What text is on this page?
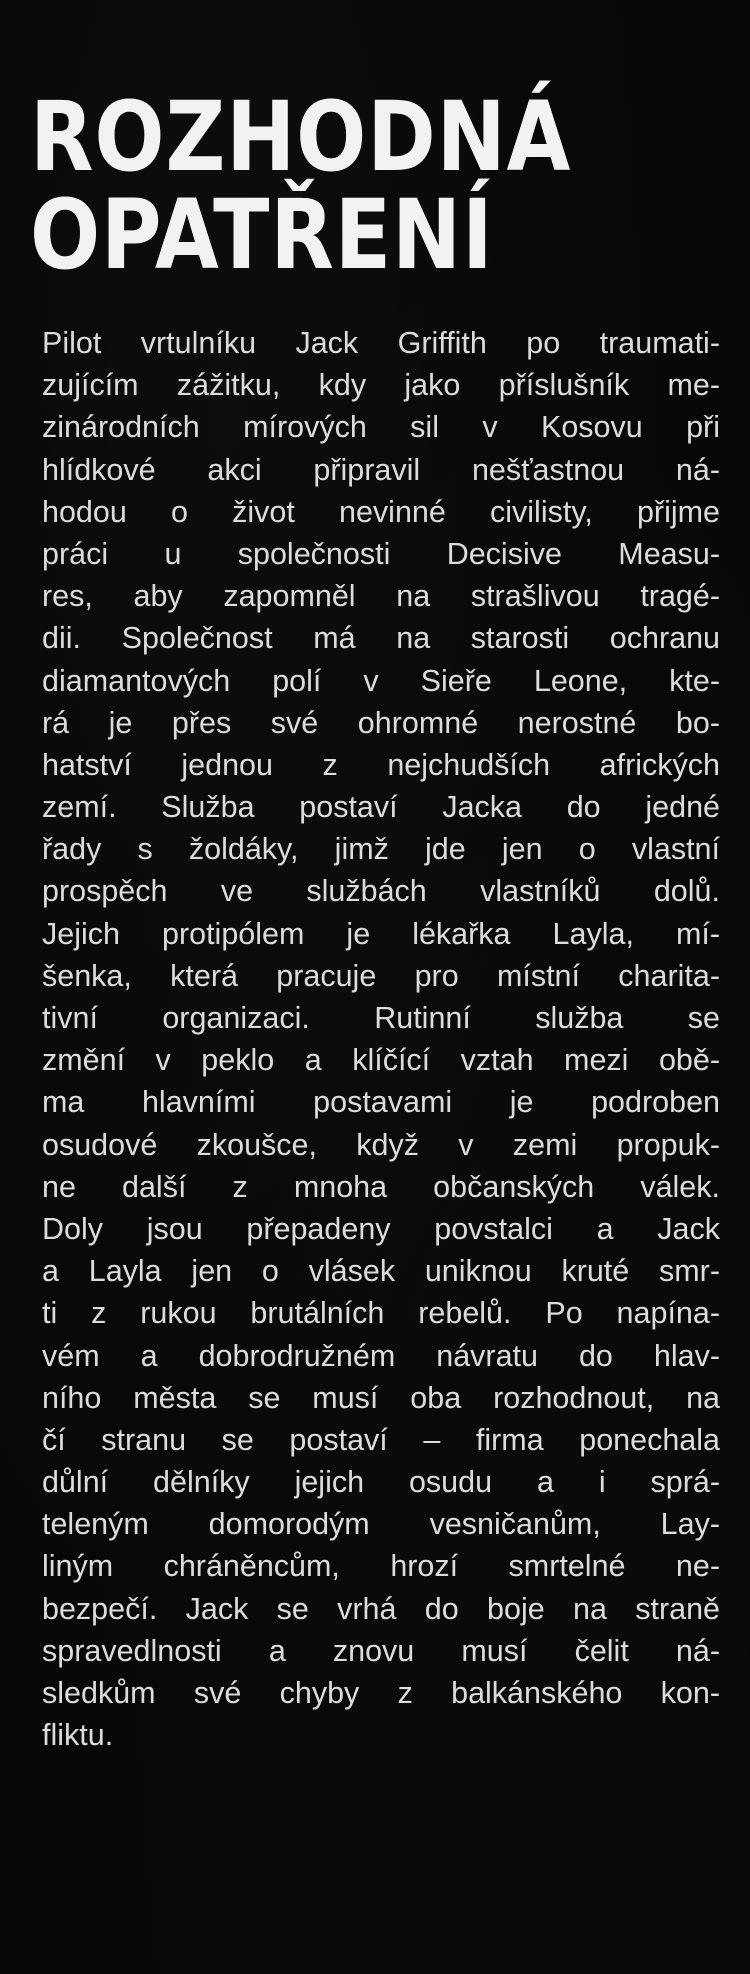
ROZHODNÁ
OPATŘENÍ
Pilot vrtulníku Jack Griffith po traumati-
zujícím zážitku, kdy jako příslušník me-
zinárodních mírových sil v Kosovu při
hlídkové akci připravil nešťastnou ná-
hodou o život nevinné civilisty, přijme
práci u společnosti Decisive Measu-
res, aby zapomněl na strašlivou tragé-
dii. Společnost má na starosti ochranu
diamantových polí v Sieře Leone, kte-
rá je přes své ohromné nerostné bo-
hatství jednou z nejchudších afrických
zemí. Služba postaví Jacka do jedné
řady s žoldáky, jimž jde jen o vlastní
prospěch ve službách vlastníků dolů.
Jejich protipólem je lékařka Layla, mí-
šenka, která pracuje pro místní charita-
tivní organizaci. Rutinní služba se
změní v peklo a klíčící vztah mezi obě-
ma hlavními postavami je podroben
osudové zkoušce, když v zemi propuk-
ne další z mnoha občanských válek.
Doly jsou přepadeny povstalci a Jack
a Layla jen o vlásek uniknou kruté smr-
ti z rukou brutálních rebelů. Po napína-
vém a dobrodružném návratu do hlav-
ního města se musí oba rozhodnout, na
čí stranu se postaví – firma ponechala
důlní dělníky jejich osudu a i sprá-
teleným domorodým vesničanům, Lay-
liným chráněncům, hrozí smrtelné ne-
bezpečí. Jack se vrhá do boje na straně
spravedlnosti a znovu musí čelit ná-
sledkům své chyby z balkánského kon-
fliktu.
